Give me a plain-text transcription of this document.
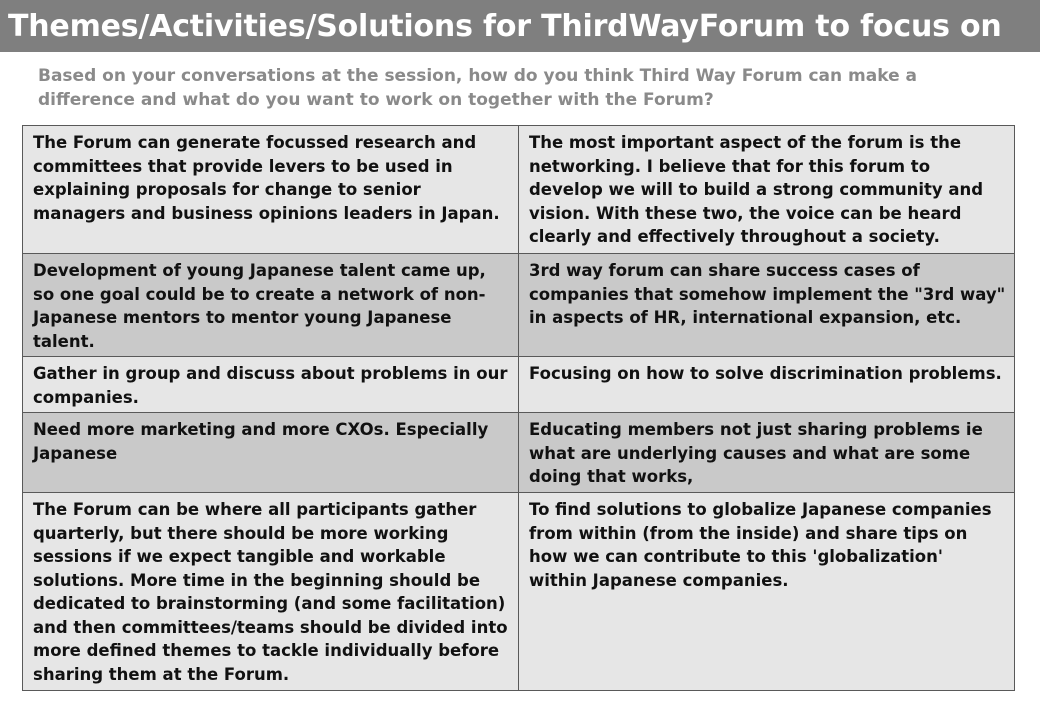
Themes/Activities/Solutions for ThirdWayForum to focus on
Based on your conversations at the session, how do you think Third Way Forum can make a difference and what do you want to work on together with the Forum?
The Forum can generate focussed research and committees that provide levers to be used in explaining proposals for change to senior managers and business opinions leaders in Japan.	The most important aspect of the forum is the networking. I believe that for this forum to develop we will to build a strong community and vision. With these two, the voice can be heard clearly and effectively throughout a society.
Development of young Japanese talent came up, so one goal could be to create a network of non-Japanese mentors to mentor young Japanese talent.	3rd way forum can share success cases of companies that somehow implement the "3rd way" in aspects of HR, international expansion, etc.
Gather in group and discuss about problems in our companies.	Focusing on how to solve discrimination problems.
Need more marketing and more CXOs. Especially Japanese	Educating members not just sharing problems ie what are underlying causes and what are some doing that works,
The Forum can be where all participants gather quarterly, but there should be more working sessions if we expect tangible and workable solutions. More time in the beginning should be dedicated to brainstorming (and some facilitation) and then committees/teams should be divided into more defined themes to tackle individually before sharing them at the Forum.	To find solutions to globalize Japanese companies from within (from the inside) and share tips on how we can contribute to this 'globalization' within Japanese companies.
